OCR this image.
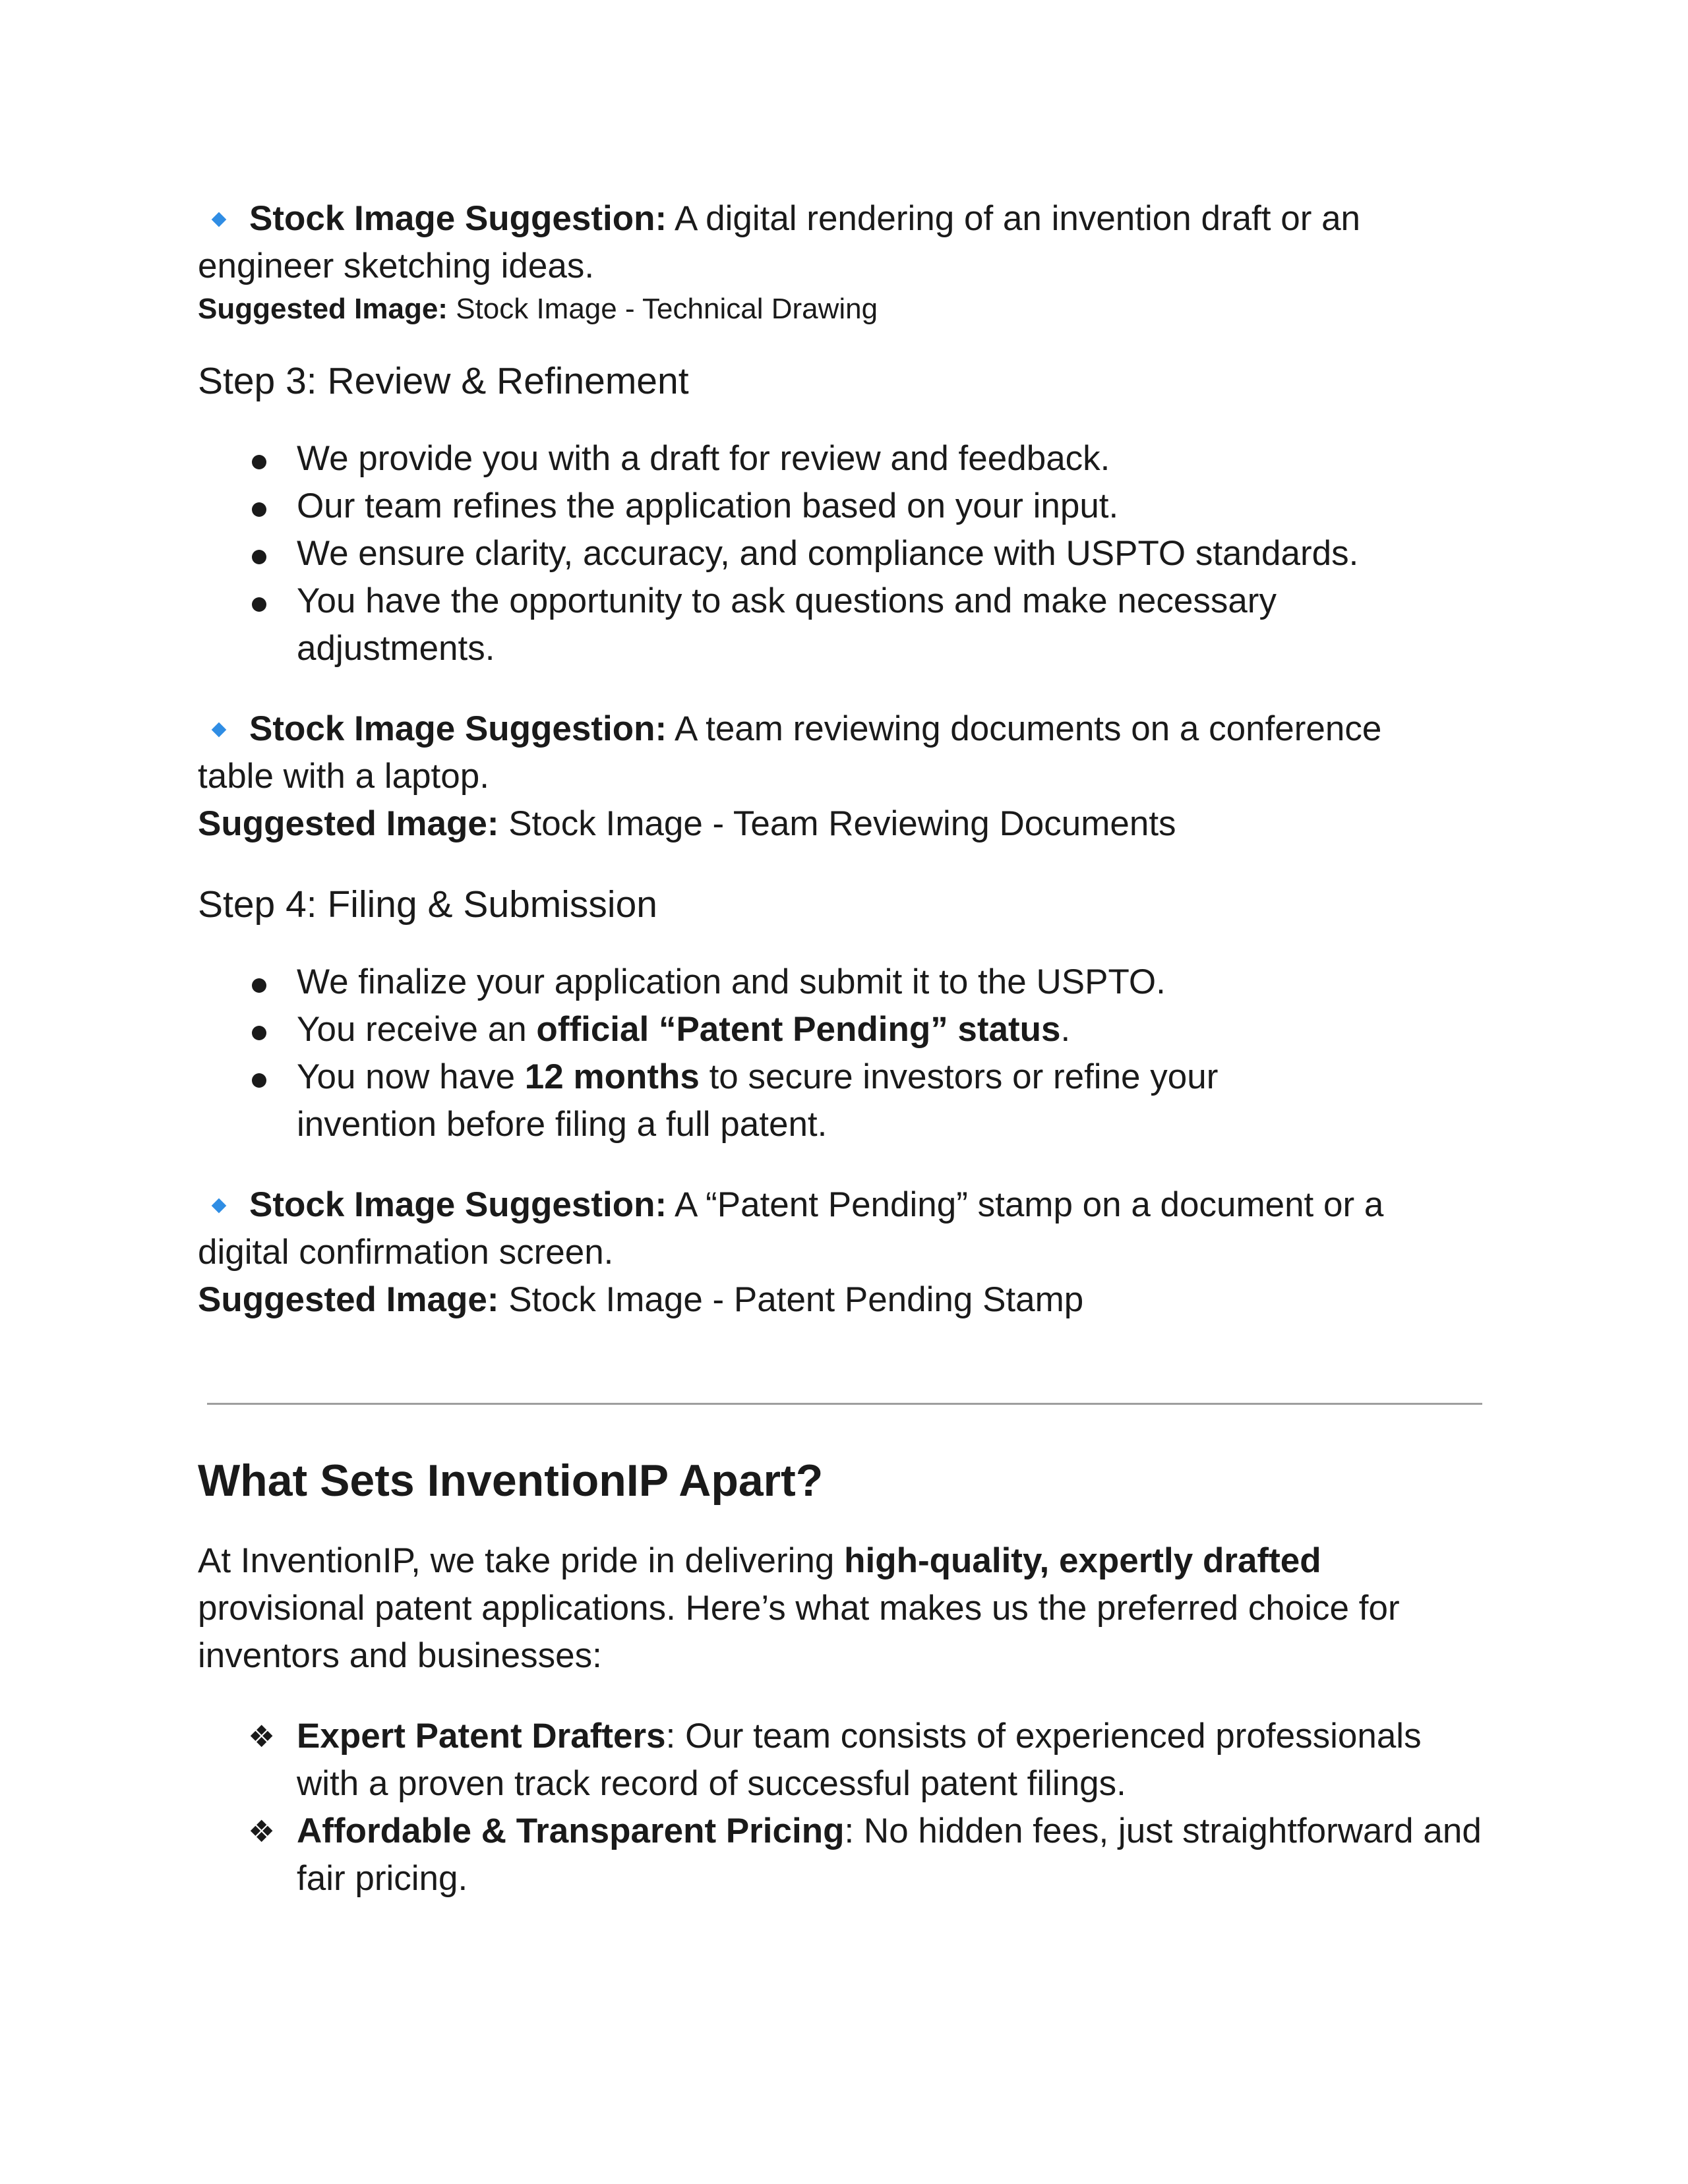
Stock Image Suggestion: A digital rendering of an invention draft or an engineer sketching ideas.

Suggested Image: Stock Image - Technical Drawing

Step 3: Review & Refinement
We provide you with a draft for review and feedback.
Our team refines the application based on your input.
We ensure clarity, accuracy, and compliance with USPTO standards.
You have the opportunity to ask questions and make necessary adjustments.

Stock Image Suggestion: A team reviewing documents on a conference table with a laptop.

Suggested Image: Stock Image - Team Reviewing Documents

Step 4: Filing & Submission
We finalize your application and submit it to the USPTO.
You receive an official “Patent Pending” status.
You now have 12 months to secure investors or refine your invention before filing a full patent.

Stock Image Suggestion: A “Patent Pending” stamp on a document or a digital confirmation screen.

Suggested Image: Stock Image - Patent Pending Stamp

What Sets InventionIP Apart?

At InventionIP, we take pride in delivering high-quality, expertly drafted provisional patent applications. Here’s what makes us the preferred choice for inventors and businesses:

❖ Expert Patent Drafters: Our team consists of experienced professionals with a proven track record of successful patent filings.
❖ Affordable & Transparent Pricing: No hidden fees, just straightforward and fair pricing.
